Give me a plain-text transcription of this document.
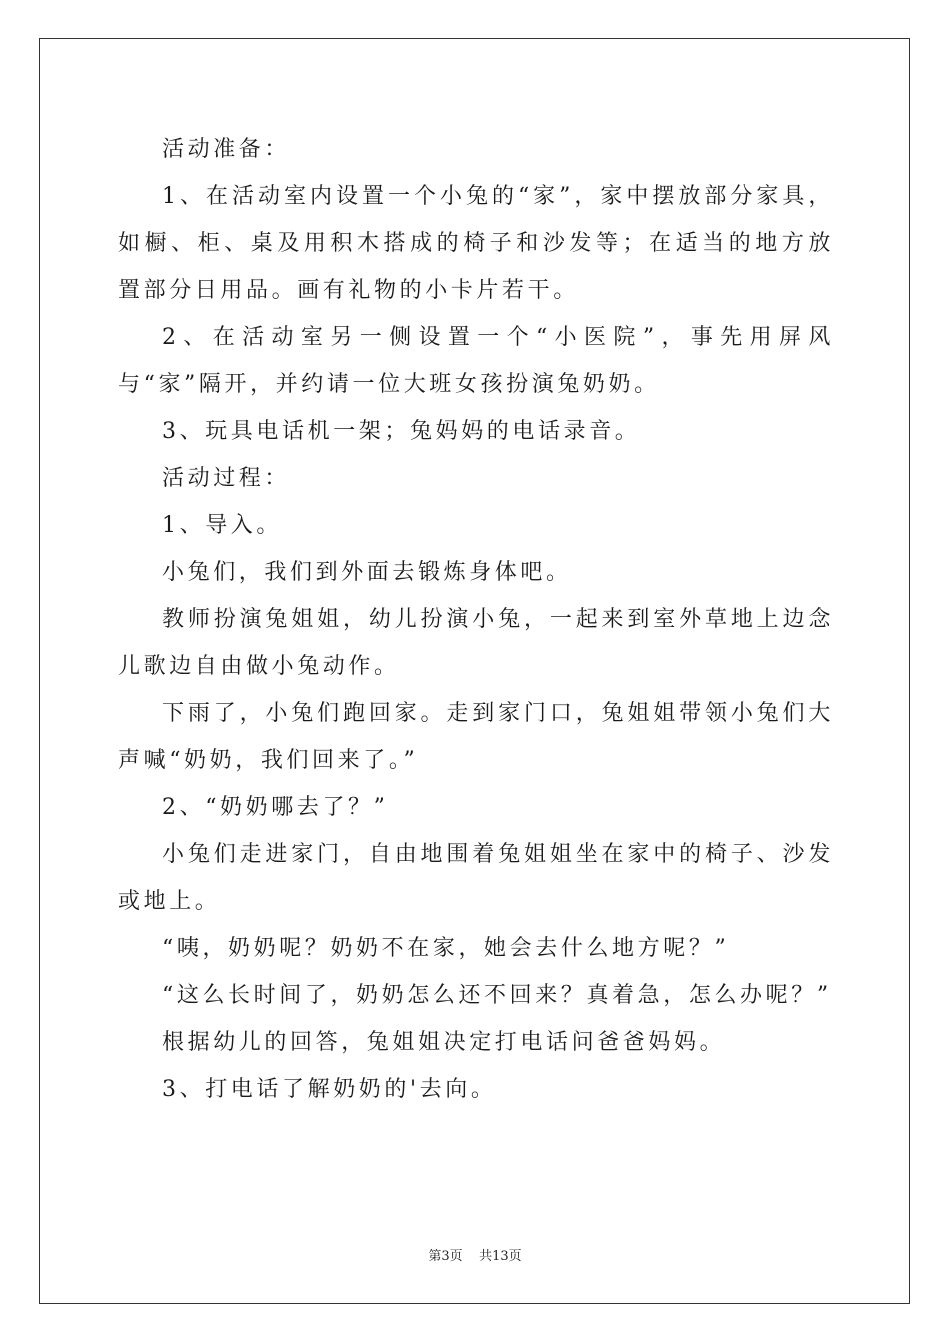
活动准备：

1、在活动室内设置一个小兔的“家”，家中摆放部分家具，如橱、柜、桌及用积木搭成的椅子和沙发等；在适当的地方放置部分日用品。画有礼物的小卡片若干。

2、在活动室另一侧设置一个“小医院”，事先用屏风与“家”隔开，并约请一位大班女孩扮演兔奶奶。

3、玩具电话机一架；兔妈妈的电话录音。

活动过程：

1、导入。

小兔们，我们到外面去锻炼身体吧。

教师扮演兔姐姐，幼儿扮演小兔，一起来到室外草地上边念儿歌边自由做小兔动作。

下雨了，小兔们跑回家。走到家门口，兔姐姐带领小兔们大声喊“奶奶，我们回来了。”

2、“奶奶哪去了？”

小兔们走进家门，自由地围着兔姐姐坐在家中的椅子、沙发或地上。

“咦，奶奶呢？奶奶不在家，她会去什么地方呢？”

“这么长时间了，奶奶怎么还不回来？真着急，怎么办呢？”

根据幼儿的回答，兔姐姐决定打电话问爸爸妈妈。

3、打电话了解奶奶的'去向。

第3页 共13页
